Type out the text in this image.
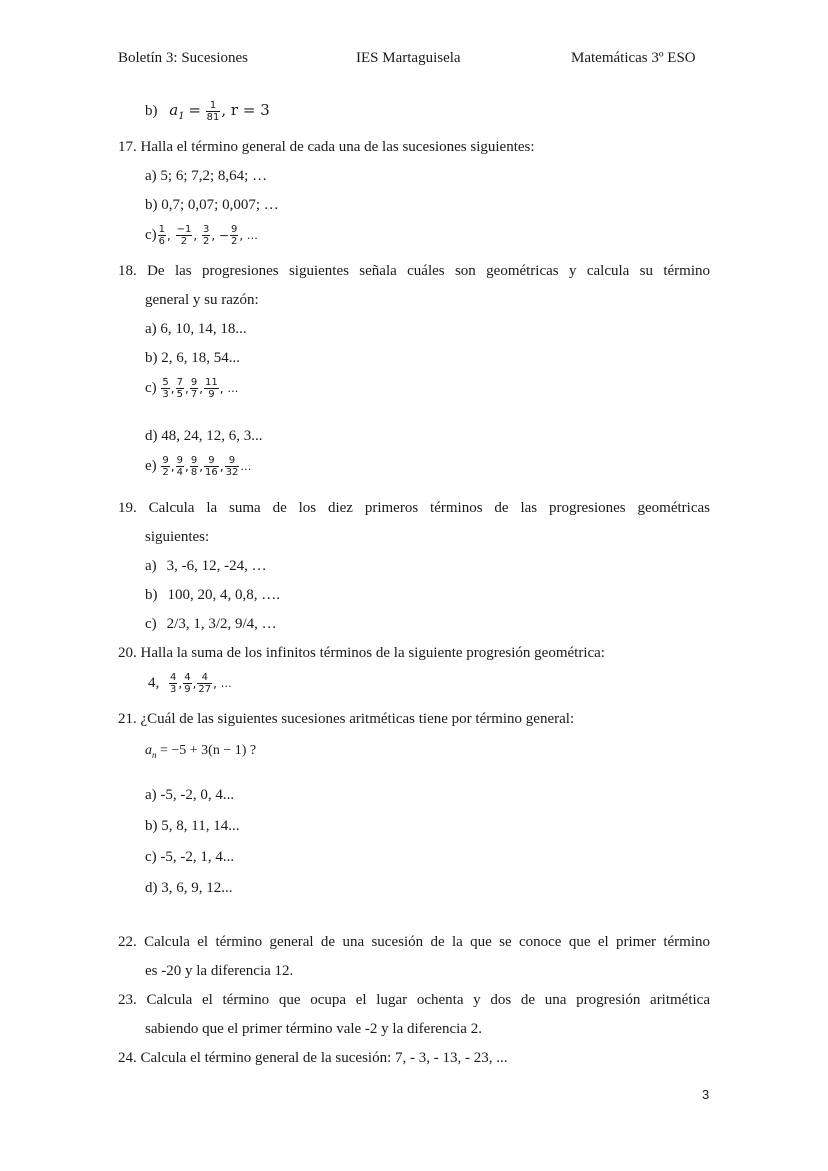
Boletín 3: Sucesiones	IES Martaguisela	Matemáticas 3º ESO
b) $a_1 = \frac{1}{81}$ , r = 3
17. Halla el término general de cada una de las sucesiones siguientes:
a) 5; 6; 7,2; 8,64; …
b) 0,7; 0,07; 0,007; …
$c) \frac{1}{6}$ , $\frac{-1}{2}$ , $\frac{3}{2}$ , − $\frac{9}{2}$ , …
18. De las progresiones siguientes señala cuáles son geométricas y calcula su término
general y su razón:
a) 6, 10, 14, 18...
b) 2, 6, 18, 54...
$c) \frac{5}{3}$ , $\frac{7}{5}$ , $\frac{9}{7}$ , $\frac{11}{9}$ , …
d) 48, 24, 12, 6, 3...
$e) \frac{9}{2}$ , $\frac{9}{4}$ , $\frac{9}{8}$ , $\frac{9}{16}$ , $\frac{9}{32}$ …
19. Calcula la suma de los diez primeros términos de las progresiones geométricas
siguientes:
a) 3, -6, 12, -24, …
b) 100, 20, 4, 0,8, ….
c) 2/3, 1, 3/2, 9/4, …
20. Halla la suma de los infinitos términos de la siguiente progresión geométrica:
4, $\frac{4}{3}$ , $\frac{4}{9}$ , $\frac{4}{27}$ , …
21. ¿Cuál de las siguientes sucesiones aritméticas tiene por término general:
$a_n = -5 + 3(n - 1)$ ?
a) -5, -2, 0, 4...
b) 5, 8, 11, 14...
c) -5, -2, 1, 4...
d) 3, 6, 9, 12...
22. Calcula el término general de una sucesión de la que se conoce que el primer término
es -20 y la diferencia 12.
23. Calcula el término que ocupa el lugar ochenta y dos de una progresión aritmética
sabiendo que el primer término vale -2 y la diferencia 2.
24. Calcula el término general de la sucesión: 7, - 3, - 13, - 23, ...
3
